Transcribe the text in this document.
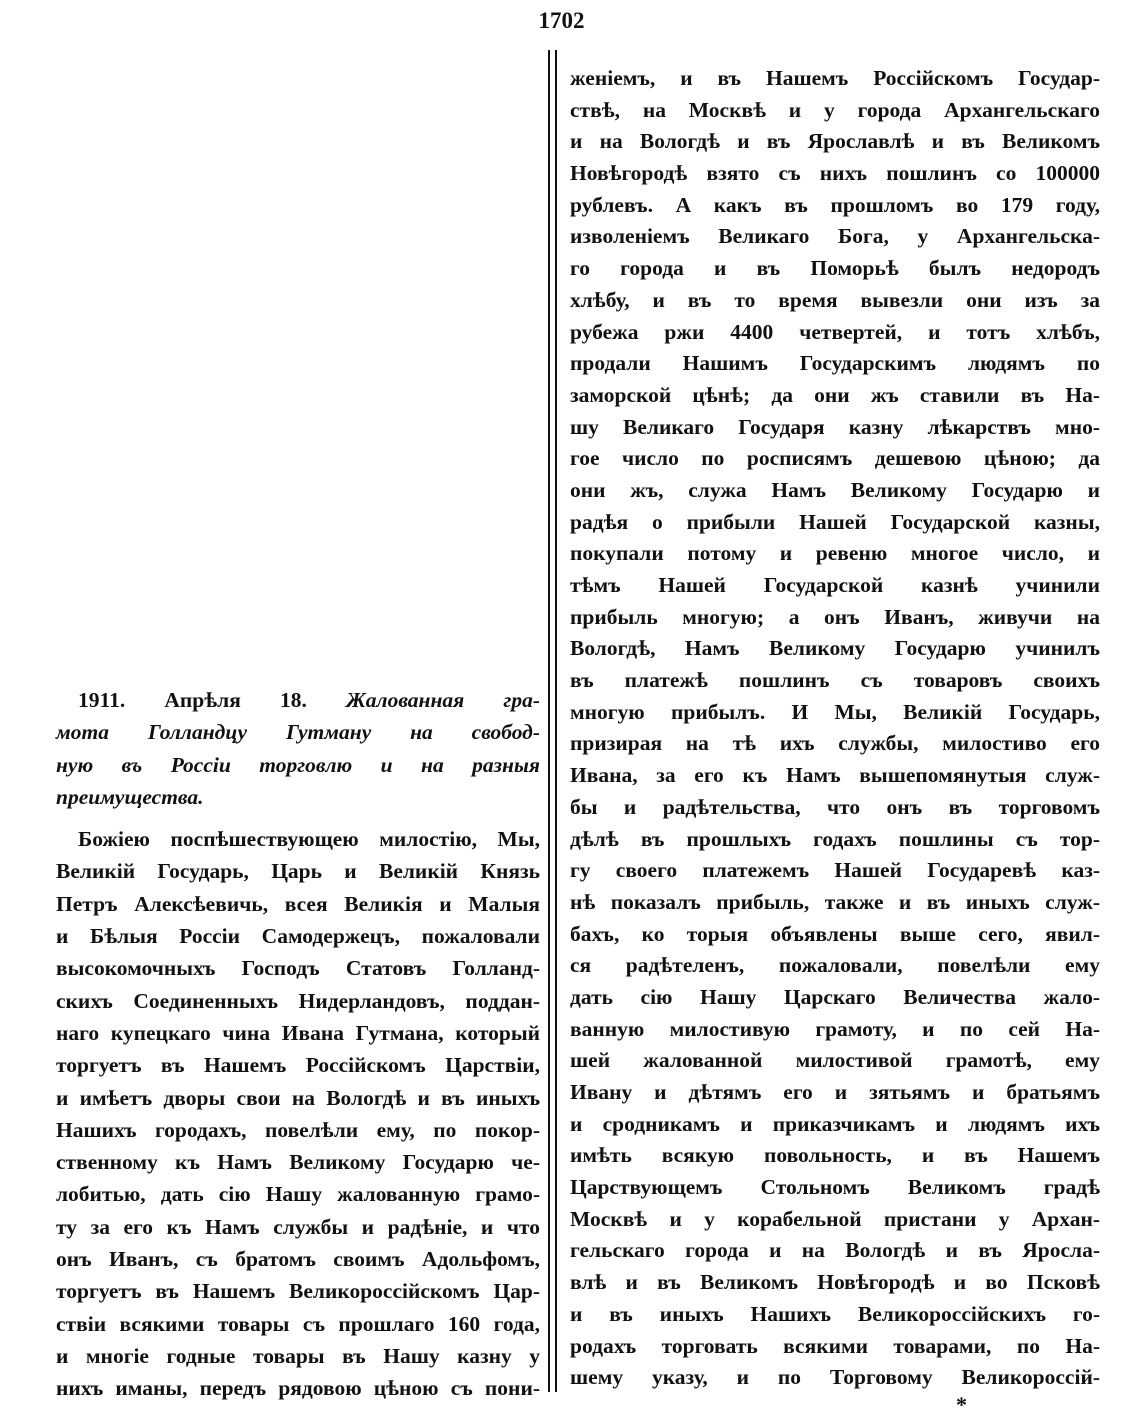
1702
1911. Апрѣля 18. Жалованная гра-
мота Голландцу Гутману на свобод-
ную въ Россіи торговлю и на разныя
преимущества.
Божіею поспѣшествующею милостію, Мы,
Великій Государь, Царь и Великій Князь
Петръ Алексѣевичь, всея Великія и Малыя
и Бѣлыя Россіи Самодержецъ, пожаловали
высокомочныхъ Господъ Статовъ Голланд-
скихъ Соединенныхъ Нидерландовъ, поддан-
наго купецкаго чина Ивана Гутмана, который
торгуетъ въ Нашемъ Россійскомъ Царствіи,
и имѣетъ дворы свои на Вологдѣ и въ иныхъ
Нашихъ городахъ, повелѣли ему, по покор-
ственному къ Намъ Великому Государю че-
лобитью, дать сію Нашу жалованную грамо-
ту за его къ Намъ службы и радѣніе, и что
онъ Иванъ, съ братомъ своимъ Адольфомъ,
торгуетъ въ Нашемъ Великороссійскомъ Цар-
ствіи всякими товары съ прошлаго 160 года,
и многіе годные товары въ Нашу казну у
нихъ иманы, передъ рядовою цѣною съ пони-
женіемъ, и въ Нашемъ Россійскомъ Государ-
ствѣ, на Москвѣ и у города Архангельскаго
и на Вологдѣ и въ Ярославлѣ и въ Великомъ
Новѣгородѣ взято съ нихъ пошлинъ со 100000
рублевъ. А какъ въ прошломъ во 179 году,
изволеніемъ Великаго Бога, у Архангельска-
го города и въ Поморьѣ былъ недородъ
хлѣбу, и въ то время вывезли они изъ за
рубежа ржи 4400 четвертей, и тотъ хлѣбъ,
продали Нашимъ Государскимъ людямъ по
заморской цѣнѣ; да они жъ ставили въ На-
шу Великаго Государя казну лѣкарствъ мно-
гое число по росписямъ дешевою цѣною; да
они жъ, служа Намъ Великому Государю и
радѣя о прибыли Нашей Государской казны,
покупали потому и ревеню многое число, и
тѣмъ Нашей Государской казнѣ учинили
прибыль многую; а онъ Иванъ, живучи на
Вологдѣ, Намъ Великому Государю учинилъ
въ платежѣ пошлинъ съ товаровъ своихъ
многую прибылъ. И Мы, Великій Государь,
призирая на тѣ ихъ службы, милостиво его
Ивана, за его къ Намъ вышепомянутыя служ-
бы и радѣтельства, что онъ въ торговомъ
дѣлѣ въ прошлыхъ годахъ пошлины съ тор-
гу своего платежемъ Нашей Государевѣ каз-
нѣ показалъ прибыль, также и въ иныхъ служ-
бахъ, ко торыя объявлены выше сего, явил-
ся радѣтеленъ, пожаловали, повелѣли ему
дать сію Нашу Царскаго Величества жало-
ванную милостивую грамоту, и по сей На-
шей жалованной милостивой грамотѣ, ему
Ивану и дѣтямъ его и зятьямъ и братьямъ
и сродникамъ и приказчикамъ и людямъ ихъ
имѣть всякую повольность, и въ Нашемъ
Царствующемъ Стольномъ Великомъ градѣ
Москвѣ и у корабельной пристани у Архан-
гельскаго города и на Вологдѣ и въ Яросла-
влѣ и въ Великомъ Новѣгородѣ и во Псковѣ
и въ иныхъ Нашихъ Великороссійскихъ го-
родахъ торговать всякими товарами, по На-
шему указу, и по Торговому Великороссій-
*
